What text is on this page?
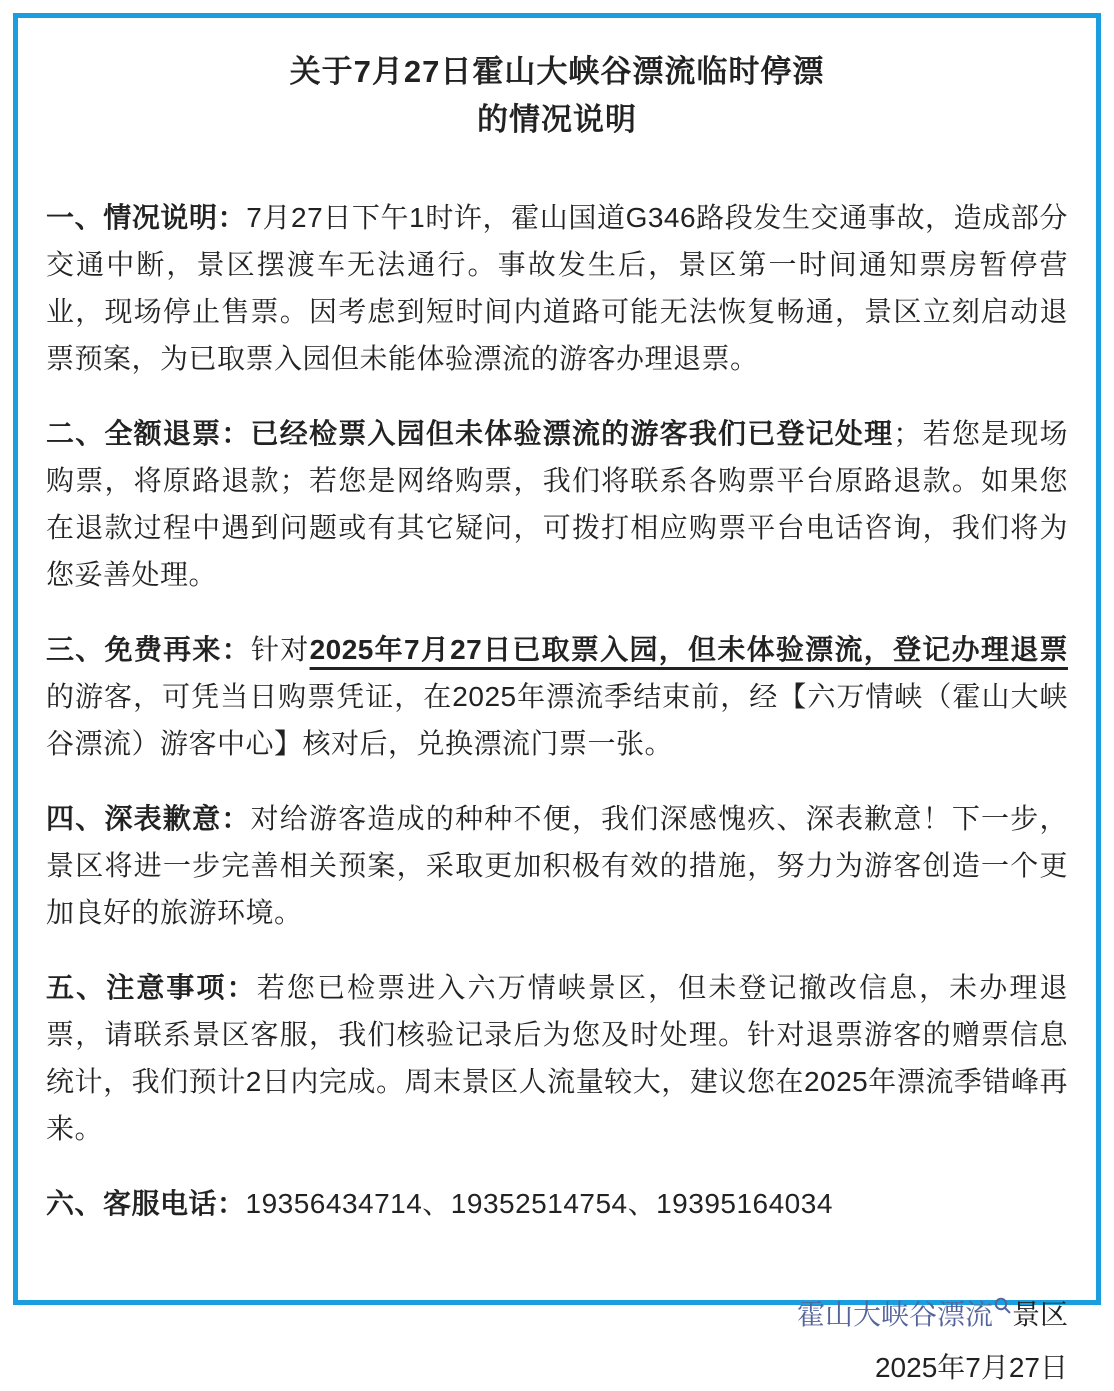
关于7月27日霍山大峡谷漂流临时停漂
的情况说明

一、情况说明：7月27日下午1时许，霍山国道G346路段发生交通事故，造成部分交通中断，景区摆渡车无法通行。事故发生后，景区第一时间通知票房暂停营业，现场停止售票。因考虑到短时间内道路可能无法恢复畅通，景区立刻启动退票预案，为已取票入园但未能体验漂流的游客办理退票。

二、全额退票：已经检票入园但未体验漂流的游客我们已登记处理；若您是现场购票，将原路退款；若您是网络购票，我们将联系各购票平台原路退款。如果您在退款过程中遇到问题或有其它疑问，可拨打相应购票平台电话咨询，我们将为您妥善处理。

三、免费再来：针对2025年7月27日已取票入园，但未体验漂流，登记办理退票的游客，可凭当日购票凭证，在2025年漂流季结束前，经【六万情峡（霍山大峡谷漂流）游客中心】核对后，兑换漂流门票一张。

四、深表歉意：对给游客造成的种种不便，我们深感愧疚、深表歉意！下一步，景区将进一步完善相关预案，采取更加积极有效的措施，努力为游客创造一个更加良好的旅游环境。

五、注意事项：若您已检票进入六万情峡景区，但未登记撤改信息，未办理退票，请联系景区客服，我们核验记录后为您及时处理。针对退票游客的赠票信息统计，我们预计2日内完成。周末景区人流量较大，建议您在2025年漂流季错峰再来。

六、客服电话：19356434714、19352514754、19395164034

霍山大峡谷漂流 景区
2025年7月27日
